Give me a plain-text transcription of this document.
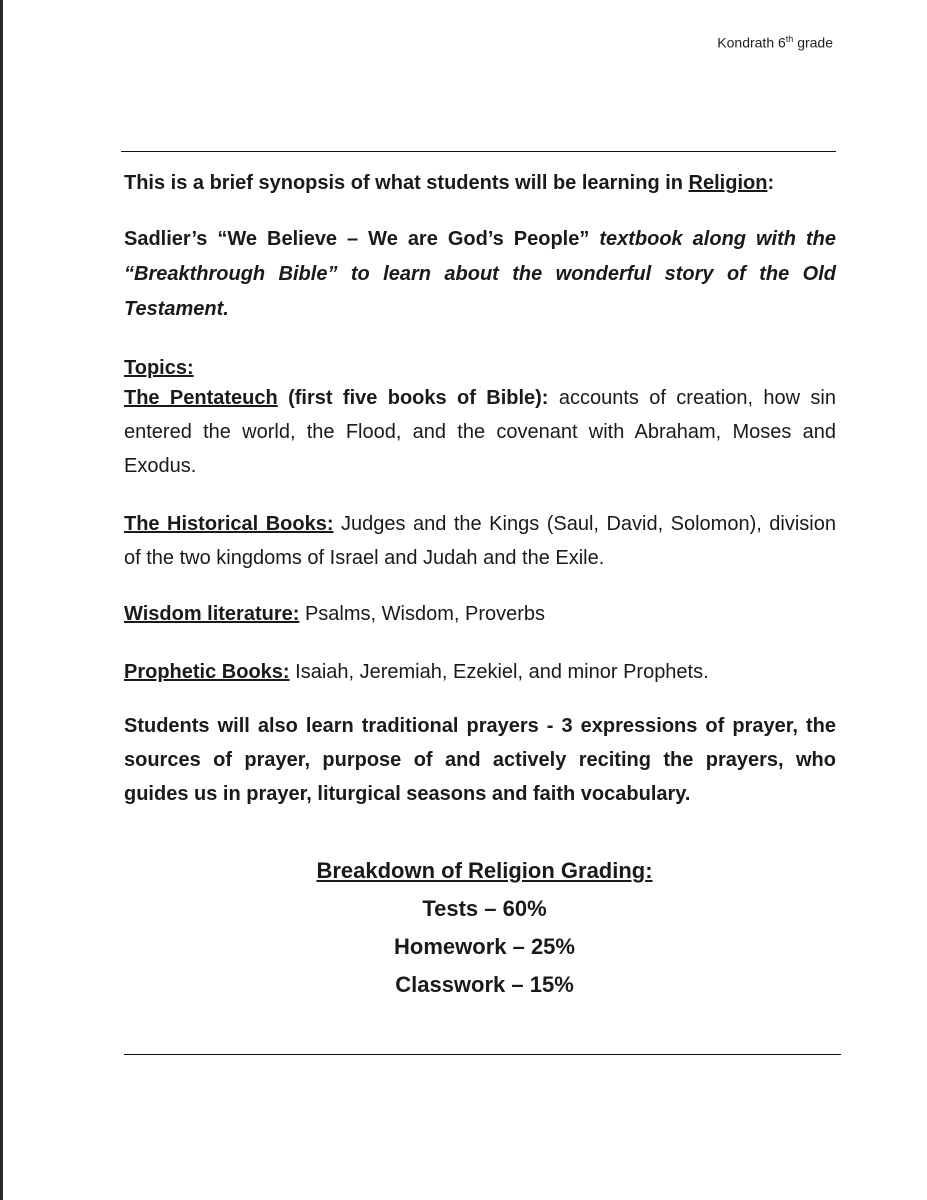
Kondrath 6th grade

This is a brief synopsis of what students will be learning in Religion:

Sadlier’s “We Believe – We are God’s People” textbook along with the “Breakthrough Bible” to learn about the wonderful story of the Old Testament.

Topics:

The Pentateuch (first five books of Bible): accounts of creation, how sin entered the world, the Flood, and the covenant with Abraham, Moses and Exodus.

The Historical Books: Judges and the Kings (Saul, David, Solomon), division of the two kingdoms of Israel and Judah and the Exile.

Wisdom literature: Psalms, Wisdom, Proverbs

Prophetic Books: Isaiah, Jeremiah, Ezekiel, and minor Prophets.

Students will also learn traditional prayers - 3 expressions of prayer, the sources of prayer, purpose of and actively reciting the prayers, who guides us in prayer, liturgical seasons and faith vocabulary.

Breakdown of Religion Grading:
Tests – 60%
Homework – 25%
Classwork – 15%
